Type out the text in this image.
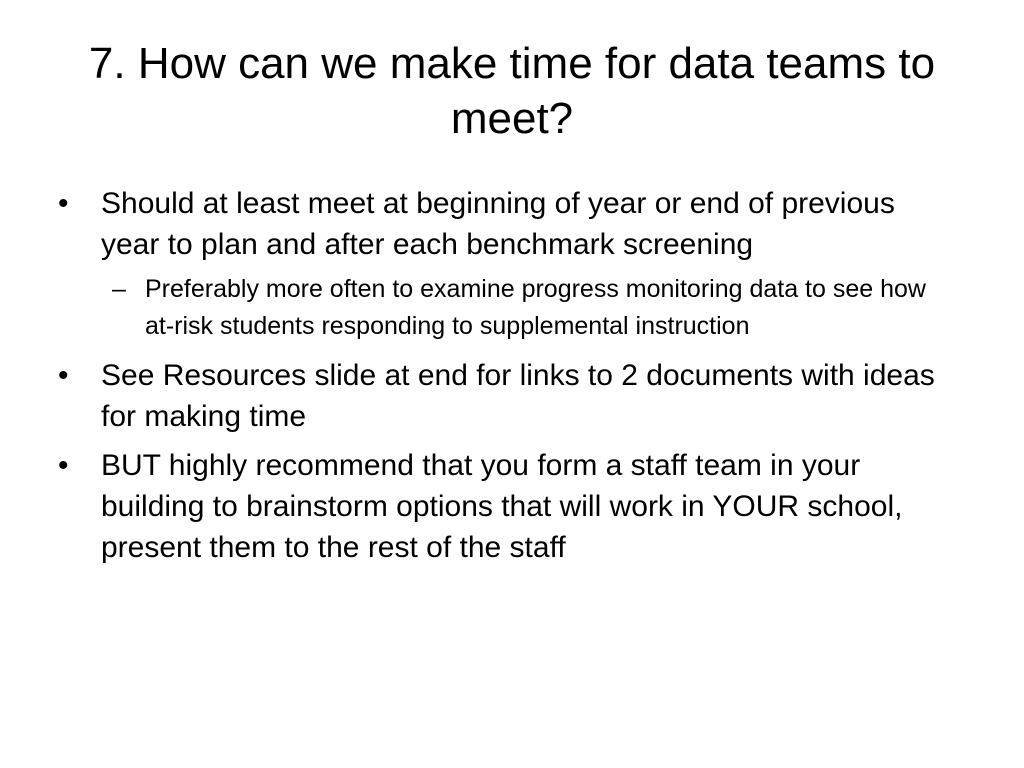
7. How can we make time for data teams to meet?
•	Should at least meet at beginning of year or end of previous year to plan and after each benchmark screening
– Preferably more often to examine progress monitoring data to see how at-risk students responding to supplemental instruction
•	See Resources slide at end for links to 2 documents with ideas for making time
•	BUT highly recommend that you form a staff team in your building to brainstorm options that will work in YOUR school, present them to the rest of the staff
